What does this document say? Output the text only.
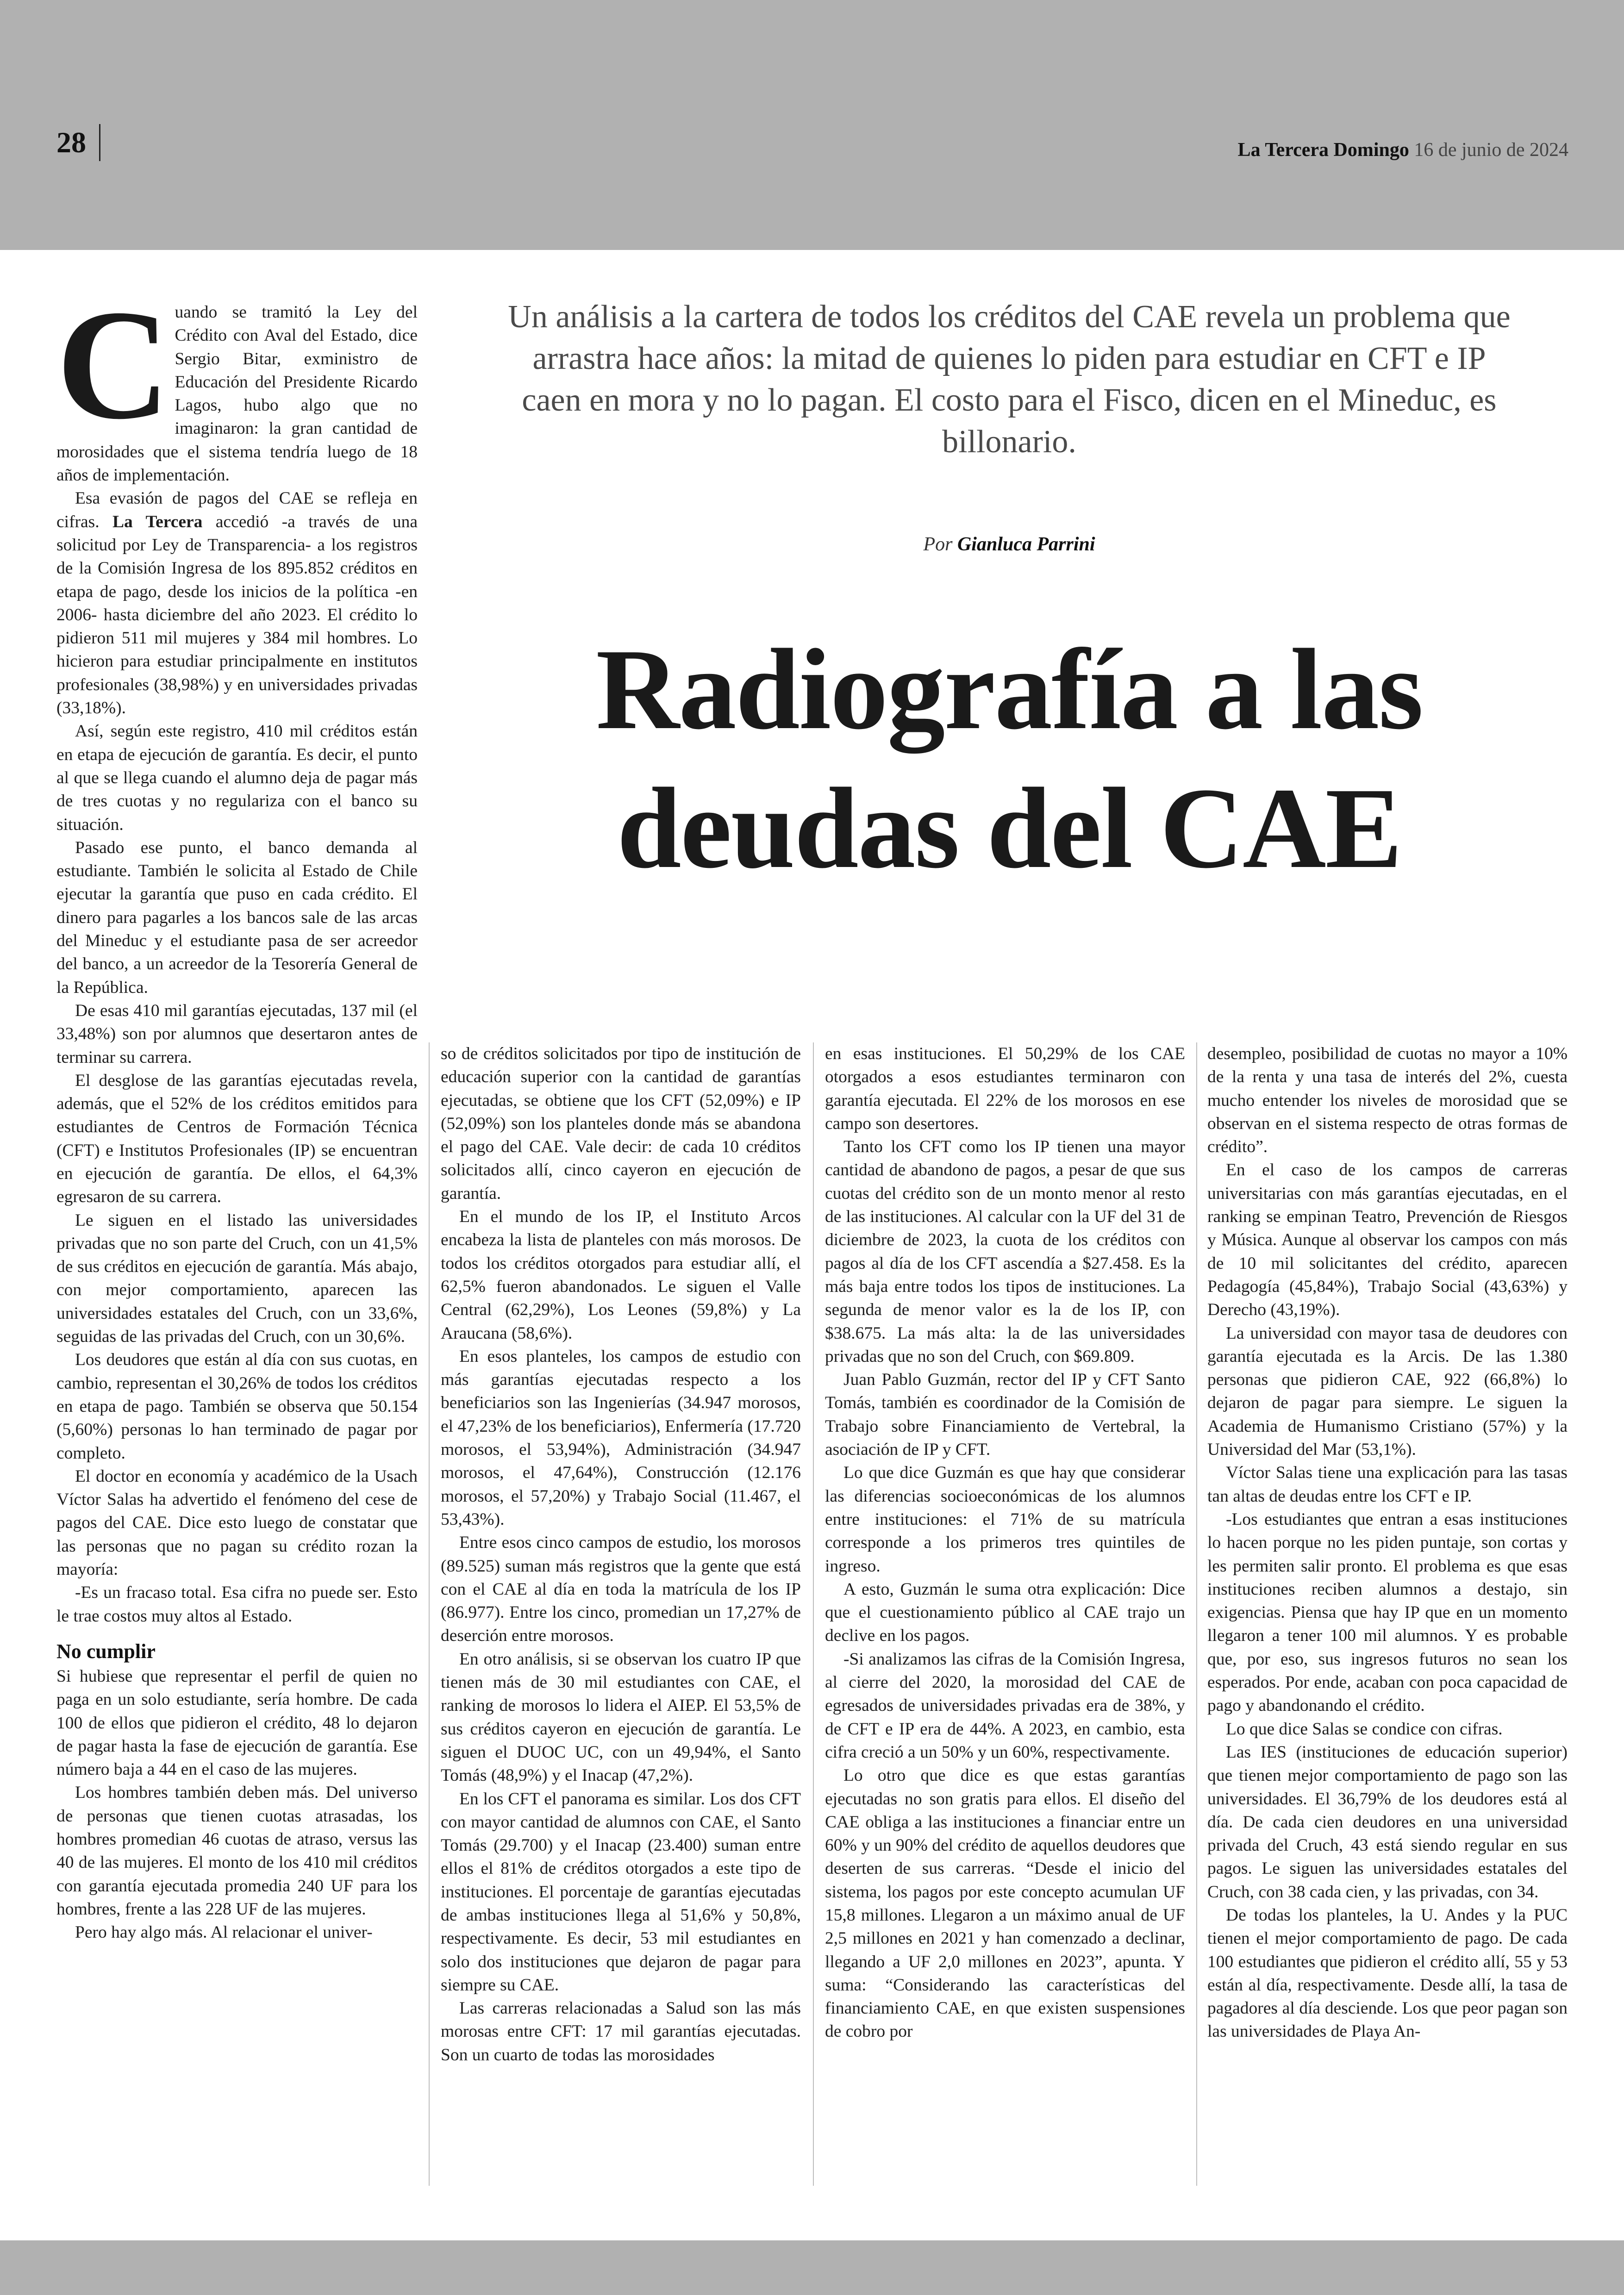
28	La Tercera Domingo 16 de junio de 2024
Un análisis a la cartera de todos los créditos del CAE revela un problema que arrastra hace años: la mitad de quienes lo piden para estudiar en CFT e IP caen en mora y no lo pagan. El costo para el Fisco, dicen en el Mineduc, es billonario.
Por Gianluca Parrini
Radiografía a las deudas del CAE
C uando se tramitó la Ley del Crédito con Aval del Estado, dice Sergio Bitar, exministro de Educación del Presidente Ricardo Lagos, hubo algo que no imaginaron: la gran cantidad de morosidades que el sistema tendría luego de 18 años de implementación.

Esa evasión de pagos del CAE se refleja en cifras. La Tercera accedió -a través de una solicitud por Ley de Transparencia- a los registros de la Comisión Ingresa de los 895.852 créditos en etapa de pago, desde los inicios de la política -en 2006- hasta diciembre del año 2023. El crédito lo pidieron 511 mil mujeres y 384 mil hombres. Lo hicieron para estudiar principalmente en institutos profesionales (38,98%) y en universidades privadas (33,18%).

Así, según este registro, 410 mil créditos están en etapa de ejecución de garantía. Es decir, el punto al que se llega cuando el alumno deja de pagar más de tres cuotas y no regulariza con el banco su situación.

Pasado ese punto, el banco demanda al estudiante. También le solicita al Estado de Chile ejecutar la garantía que puso en cada crédito. El dinero para pagarles a los bancos sale de las arcas del Mineduc y el estudiante pasa de ser acreedor del banco, a un acreedor de la Tesorería General de la República.

De esas 410 mil garantías ejecutadas, 137 mil (el 33,48%) son por alumnos que desertaron antes de terminar su carrera.

El desglose de las garantías ejecutadas revela, además, que el 52% de los créditos emitidos para estudiantes de Centros de Formación Técnica (CFT) e Institutos Profesionales (IP) se encuentran en ejecución de garantía. De ellos, el 64,3% egresaron de su carrera.

Le siguen en el listado las universidades privadas que no son parte del Cruch, con un 41,5% de sus créditos en ejecución de garantía. Más abajo, con mejor comportamiento, aparecen las universidades estatales del Cruch, con un 33,6%, seguidas de las privadas del Cruch, con un 30,6%.

Los deudores que están al día con sus cuotas, en cambio, representan el 30,26% de todos los créditos en etapa de pago. También se observa que 50.154 (5,60%) personas lo han terminado de pagar por completo.

El doctor en economía y académico de la Usach Víctor Salas ha advertido el fenómeno del cese de pagos del CAE. Dice esto luego de constatar que las personas que no pagan su crédito rozan la mayoría:

-Es un fracaso total. Esa cifra no puede ser. Esto le trae costos muy altos al Estado.

No cumplir

Si hubiese que representar el perfil de quien no paga en un solo estudiante, sería hombre. De cada 100 de ellos que pidieron el crédito, 48 lo dejaron de pagar hasta la fase de ejecución de garantía. Ese número baja a 44 en el caso de las mujeres.

Los hombres también deben más. Del universo de personas que tienen cuotas atrasadas, los hombres promedian 46 cuotas de atraso, versus las 40 de las mujeres. El monto de los 410 mil créditos con garantía ejecutada promedia 240 UF para los hombres, frente a las 228 UF de las mujeres.

Pero hay algo más. Al relacionar el univer-

so de créditos solicitados por tipo de institución de educación superior con la cantidad de garantías ejecutadas, se obtiene que los CFT (52,09%) e IP (52,09%) son los planteles donde más se abandona el pago del CAE. Vale decir: de cada 10 créditos solicitados allí, cinco cayeron en ejecución de garantía.

En el mundo de los IP, el Instituto Arcos encabeza la lista de planteles con más morosos. De todos los créditos otorgados para estudiar allí, el 62,5% fueron abandonados. Le siguen el Valle Central (62,29%), Los Leones (59,8%) y La Araucana (58,6%).

En esos planteles, los campos de estudio con más garantías ejecutadas respecto a los beneficiarios son las Ingenierías (34.947 morosos, el 47,23% de los beneficiarios), Enfermería (17.720 morosos, el 53,94%), Administración (34.947 morosos, el 47,64%), Construcción (12.176 morosos, el 57,20%) y Trabajo Social (11.467, el 53,43%).

Entre esos cinco campos de estudio, los morosos (89.525) suman más registros que la gente que está con el CAE al día en toda la matrícula de los IP (86.977). Entre los cinco, promedian un 17,27% de deserción entre morosos.

En otro análisis, si se observan los cuatro IP que tienen más de 30 mil estudiantes con CAE, el ranking de morosos lo lidera el AIEP. El 53,5% de sus créditos cayeron en ejecución de garantía. Le siguen el DUOC UC, con un 49,94%, el Santo Tomás (48,9%) y el Inacap (47,2%).

En los CFT el panorama es similar. Los dos CFT con mayor cantidad de alumnos con CAE, el Santo Tomás (29.700) y el Inacap (23.400) suman entre ellos el 81% de créditos otorgados a este tipo de instituciones. El porcentaje de garantías ejecutadas de ambas instituciones llega al 51,6% y 50,8%, respectivamente. Es decir, 53 mil estudiantes en solo dos instituciones que dejaron de pagar para siempre su CAE.

Las carreras relacionadas a Salud son las más morosas entre CFT: 17 mil garantías ejecutadas. Son un cuarto de todas las morosidades

en esas instituciones. El 50,29% de los CAE otorgados a esos estudiantes terminaron con garantía ejecutada. El 22% de los morosos en ese campo son desertores.

Tanto los CFT como los IP tienen una mayor cantidad de abandono de pagos, a pesar de que sus cuotas del crédito son de un monto menor al resto de las instituciones. Al calcular con la UF del 31 de diciembre de 2023, la cuota de los créditos con pagos al día de los CFT ascendía a $27.458. Es la más baja entre todos los tipos de instituciones. La segunda de menor valor es la de los IP, con $38.675. La más alta: la de las universidades privadas que no son del Cruch, con $69.809.

Juan Pablo Guzmán, rector del IP y CFT Santo Tomás, también es coordinador de la Comisión de Trabajo sobre Financiamiento de Vertebral, la asociación de IP y CFT.

Lo que dice Guzmán es que hay que considerar las diferencias socioeconómicas de los alumnos entre instituciones: el 71% de su matrícula corresponde a los primeros tres quintiles de ingreso.

A esto, Guzmán le suma otra explicación: Dice que el cuestionamiento público al CAE trajo un declive en los pagos.

-Si analizamos las cifras de la Comisión Ingresa, al cierre del 2020, la morosidad del CAE de egresados de universidades privadas era de 38%, y de CFT e IP era de 44%. A 2023, en cambio, esta cifra creció a un 50% y un 60%, respectivamente.

Lo otro que dice es que estas garantías ejecutadas no son gratis para ellos. El diseño del CAE obliga a las instituciones a financiar entre un 60% y un 90% del crédito de aquellos deudores que deserten de sus carreras. “Desde el inicio del sistema, los pagos por este concepto acumulan UF 15,8 millones. Llegaron a un máximo anual de UF 2,5 millones en 2021 y han comenzado a declinar, llegando a UF 2,0 millones en 2023”, apunta. Y suma: “Considerando las características del financiamiento CAE, en que existen suspensiones de cobro por

desempleo, posibilidad de cuotas no mayor a 10% de la renta y una tasa de interés del 2%, cuesta mucho entender los niveles de morosidad que se observan en el sistema respecto de otras formas de crédito”.

En el caso de los campos de carreras universitarias con más garantías ejecutadas, en el ranking se empinan Teatro, Prevención de Riesgos y Música. Aunque al observar los campos con más de 10 mil solicitantes del crédito, aparecen Pedagogía (45,84%), Trabajo Social (43,63%) y Derecho (43,19%).

La universidad con mayor tasa de deudores con garantía ejecutada es la Arcis. De las 1.380 personas que pidieron CAE, 922 (66,8%) lo dejaron de pagar para siempre. Le siguen la Academia de Humanismo Cristiano (57%) y la Universidad del Mar (53,1%).

Víctor Salas tiene una explicación para las tasas tan altas de deudas entre los CFT e IP.

-Los estudiantes que entran a esas instituciones lo hacen porque no les piden puntaje, son cortas y les permiten salir pronto. El problema es que esas instituciones reciben alumnos a destajo, sin exigencias. Piensa que hay IP que en un momento llegaron a tener 100 mil alumnos. Y es probable que, por eso, sus ingresos futuros no sean los esperados. Por ende, acaban con poca capacidad de pago y abandonando el crédito.

Lo que dice Salas se condice con cifras.

Las IES (instituciones de educación superior) que tienen mejor comportamiento de pago son las universidades. El 36,79% de los deudores está al día. De cada cien deudores en una universidad privada del Cruch, 43 está siendo regular en sus pagos. Le siguen las universidades estatales del Cruch, con 38 cada cien, y las privadas, con 34.

De todas los planteles, la U. Andes y la PUC tienen el mejor comportamiento de pago. De cada 100 estudiantes que pidieron el crédito allí, 55 y 53 están al día, respectivamente. Desde allí, la tasa de pagadores al día desciende. Los que peor pagan son las universidades de Playa An-
